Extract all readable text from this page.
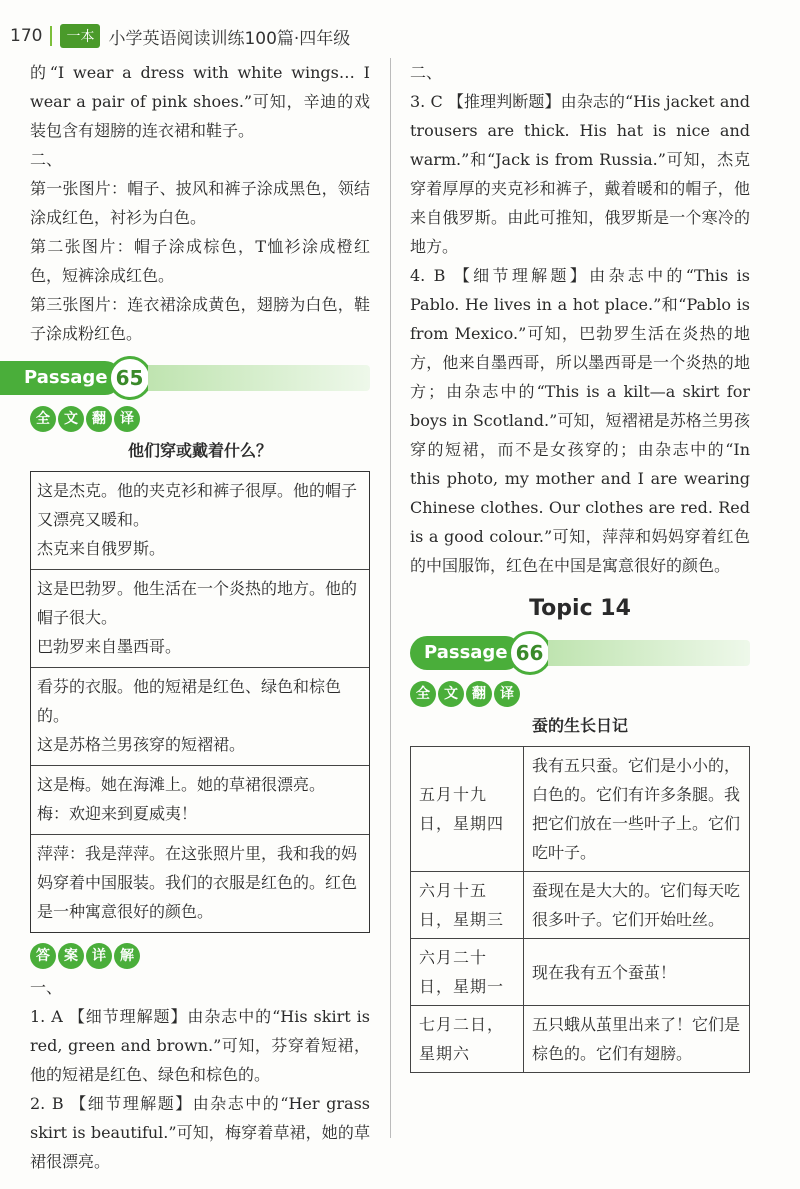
170	一本 小学英语阅读训练100篇·四年级

的“I wear a dress with white wings… I wear a pair of pink shoes.”可知，辛迪的戏装包含有翅膀的连衣裙和鞋子。

二、

第一张图片：帽子、披风和裤子涂成黑色，领结涂成红色，衬衫为白色。

第二张图片：帽子涂成棕色，T恤衫涂成橙红色，短裤涂成红色。

第三张图片：连衣裙涂成黄色，翅膀为白色，鞋子涂成粉红色。

Passage 65
全	文	翻	译
他们穿或戴着什么？
这是杰克。他的夹克衫和裤子很厚。他的帽子又漂亮又暖和。
杰克来自俄罗斯。
这是巴勃罗。他生活在一个炎热的地方。他的帽子很大。
巴勃罗来自墨西哥。
看芬的衣服。他的短裙是红色、绿色和棕色的。
这是苏格兰男孩穿的短褶裙。
这是梅。她在海滩上。她的草裙很漂亮。
梅：欢迎来到夏威夷！
萍萍：我是萍萍。在这张照片里，我和我的妈妈穿着中国服装。我们的衣服是红色的。红色是一种寓意很好的颜色。
答	案	详	解

一、

1. A 【细节理解题】由杂志中的“His skirt is red, green and brown.”可知，芬穿着短裙，他的短裙是红色、绿色和棕色的。

2. B 【细节理解题】由杂志中的“Her grass skirt is beautiful.”可知，梅穿着草裙，她的草裙很漂亮。

二、

3. C 【推理判断题】由杂志的“His jacket and trousers are thick. His hat is nice and warm.”和“Jack is from Russia.”可知，杰克穿着厚厚的夹克衫和裤子，戴着暖和的帽子，他来自俄罗斯。由此可推知，俄罗斯是一个寒冷的地方。

4. B 【细节理解题】由杂志中的“This is Pablo. He lives in a hot place.”和“Pablo is from Mexico.”可知，巴勃罗生活在炎热的地方，他来自墨西哥，所以墨西哥是一个炎热的地方；由杂志中的“This is a kilt—a skirt for boys in Scotland.”可知，短褶裙是苏格兰男孩穿的短裙，而不是女孩穿的；由杂志中的“In this photo, my mother and I are wearing Chinese clothes. Our clothes are red. Red is a good colour.”可知，萍萍和妈妈穿着红色的中国服饰，红色在中国是寓意很好的颜色。

Topic 14
Passage 66
全	文	翻	译
蚕的生长日记
五月十九日，星期四	我有五只蚕。它们是小小的，白色的。它们有许多条腿。我把它们放在一些叶子上。它们吃叶子。
六月十五日，星期三	蚕现在是大大的。它们每天吃很多叶子。它们开始吐丝。
六月二十日，星期一	现在我有五个蚕茧！
七月二日，星期六	五只蛾从茧里出来了！它们是棕色的。它们有翅膀。
